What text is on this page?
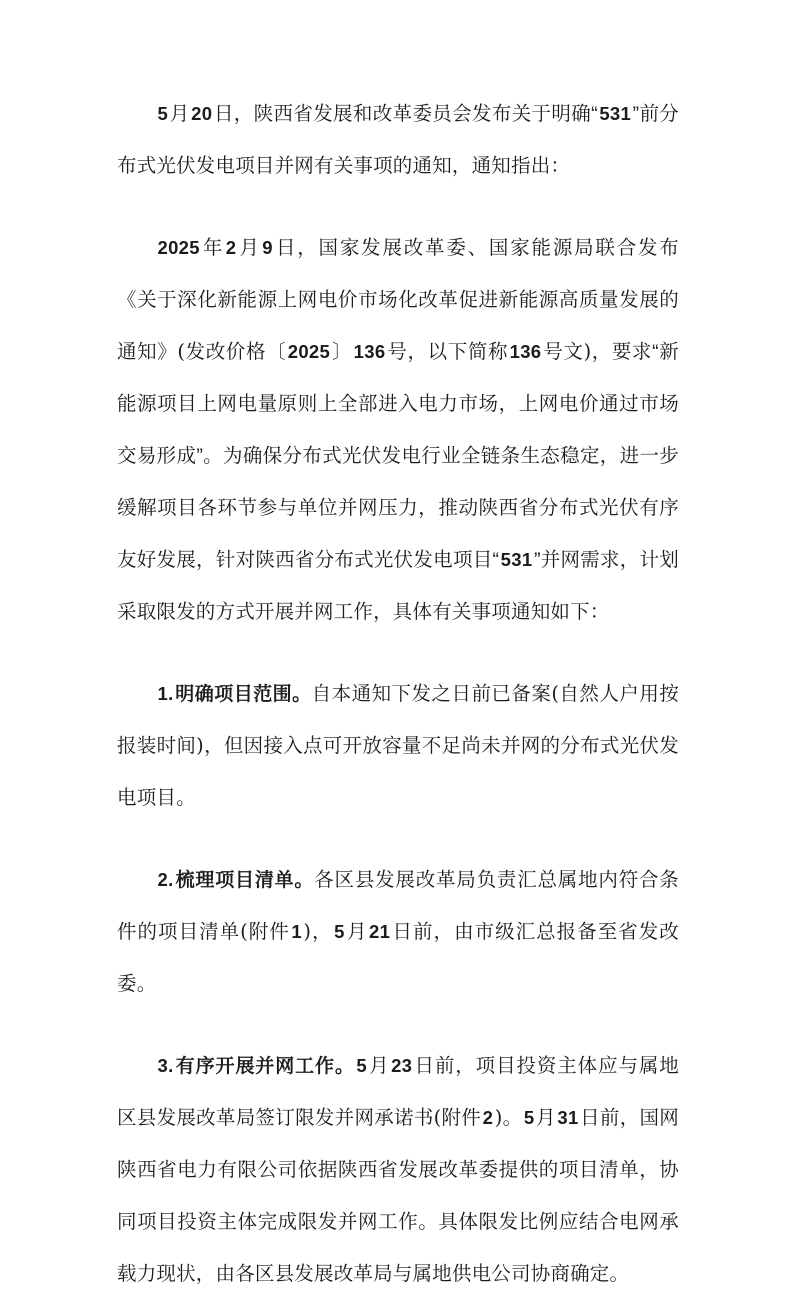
5月20日，陕西省发展和改革委员会发布关于明确“531”前分布式光伏发电项目并网有关事项的通知，通知指出：

2025年2月9日，国家发展改革委、国家能源局联合发布《关于深化新能源上网电价市场化改革促进新能源高质量发展的通知》(发改价格〔2025〕136号，以下简称136号文)，要求“新能源项目上网电量原则上全部进入电力市场，上网电价通过市场交易形成”。为确保分布式光伏发电行业全链条生态稳定，进一步缓解项目各环节参与单位并网压力，推动陕西省分布式光伏有序友好发展，针对陕西省分布式光伏发电项目“531”并网需求，计划采取限发的方式开展并网工作，具体有关事项通知如下：

1.明确项目范围。自本通知下发之日前已备案(自然人户用按报装时间)，但因接入点可开放容量不足尚未并网的分布式光伏发电项目。

2.梳理项目清单。各区县发展改革局负责汇总属地内符合条件的项目清单(附件1)，5月21日前，由市级汇总报备至省发改委。

3.有序开展并网工作。5月23日前，项目投资主体应与属地区县发展改革局签订限发并网承诺书(附件2)。5月31日前，国网陕西省电力有限公司依据陕西省发展改革委提供的项目清单，协同项目投资主体完成限发并网工作。具体限发比例应结合电网承载力现状，由各区县发展改革局与属地供电公司协商确定。
